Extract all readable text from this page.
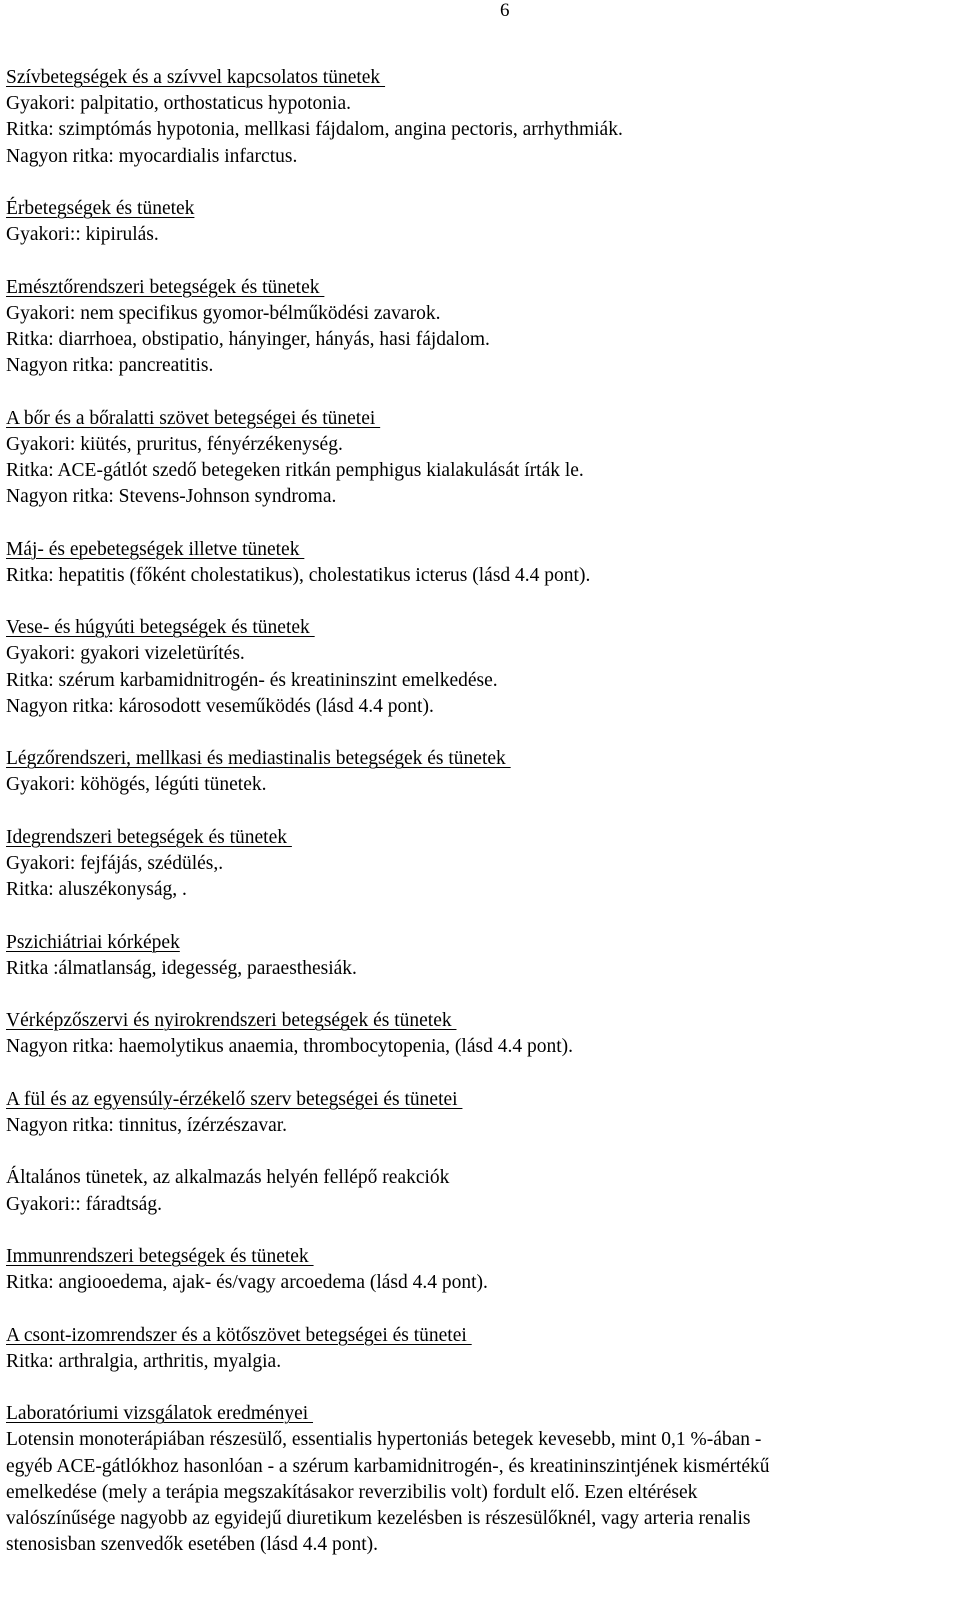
6
Szívbetegségek és a szívvel kapcsolatos tünetek
Gyakori: palpitatio, orthostaticus hypotonia.
Ritka: szimptómás hypotonia, mellkasi fájdalom, angina pectoris, arrhythmiák.
Nagyon ritka: myocardialis infarctus.
Érbetegségek és tünetek
Gyakori:: kipirulás.
Emésztőrendszeri betegségek és tünetek
Gyakori: nem specifikus gyomor-bélműködési zavarok.
Ritka: diarrhoea, obstipatio, hányinger, hányás, hasi fájdalom.
Nagyon ritka: pancreatitis.
A bőr és a bőralatti szövet betegségei és tünetei
Gyakori: kiütés, pruritus, fényérzékenység.
Ritka: ACE-gátlót szedő betegeken ritkán pemphigus kialakulását írták le.
Nagyon ritka: Stevens-Johnson syndroma.
Máj- és epebetegségek illetve tünetek
Ritka: hepatitis (főként cholestatikus), cholestatikus icterus (lásd 4.4 pont).
Vese- és húgyúti betegségek és tünetek
Gyakori: gyakori vizeletürítés.
Ritka: szérum karbamidnitrogén- és kreatininszint emelkedése.
Nagyon ritka: károsodott veseműködés (lásd 4.4 pont).
Légzőrendszeri, mellkasi és mediastinalis betegségek és tünetek
Gyakori: köhögés, légúti tünetek.
Idegrendszeri betegségek és tünetek
Gyakori: fejfájás, szédülés,.
Ritka: aluszékonyság, .
Pszichiátriai kórképek
Ritka :álmatlanság, idegesség, paraesthesiák.
Vérképzőszervi és nyirokrendszeri betegségek és tünetek
Nagyon ritka: haemolytikus anaemia, thrombocytopenia, (lásd 4.4 pont).
A fül és az egyensúly-érzékelő szerv betegségei és tünetei
Nagyon ritka: tinnitus, ízérzészavar.
Általános tünetek, az alkalmazás helyén fellépő reakciók
Gyakori:: fáradtság.
Immunrendszeri betegségek és tünetek
Ritka: angiooedema, ajak- és/vagy arcoedema (lásd 4.4 pont).
A csont-izomrendszer és a kötőszövet betegségei és tünetei
Ritka: arthralgia, arthritis, myalgia.
Laboratóriumi vizsgálatok eredményei
Lotensin monoterápiában részesülő, essentialis hypertoniás betegek kevesebb, mint 0,1 %-ában -
egyéb ACE-gátlókhoz hasonlóan - a szérum karbamidnitrogén-, és kreatininszintjének kismértékű
emelkedése (mely a terápia megszakításakor reverzibilis volt) fordult elő. Ezen eltérések
valószínűsége nagyobb az egyidejű diuretikum kezelésben is részesülőknél, vagy arteria renalis
stenosisban szenvedők esetében (lásd 4.4 pont).
